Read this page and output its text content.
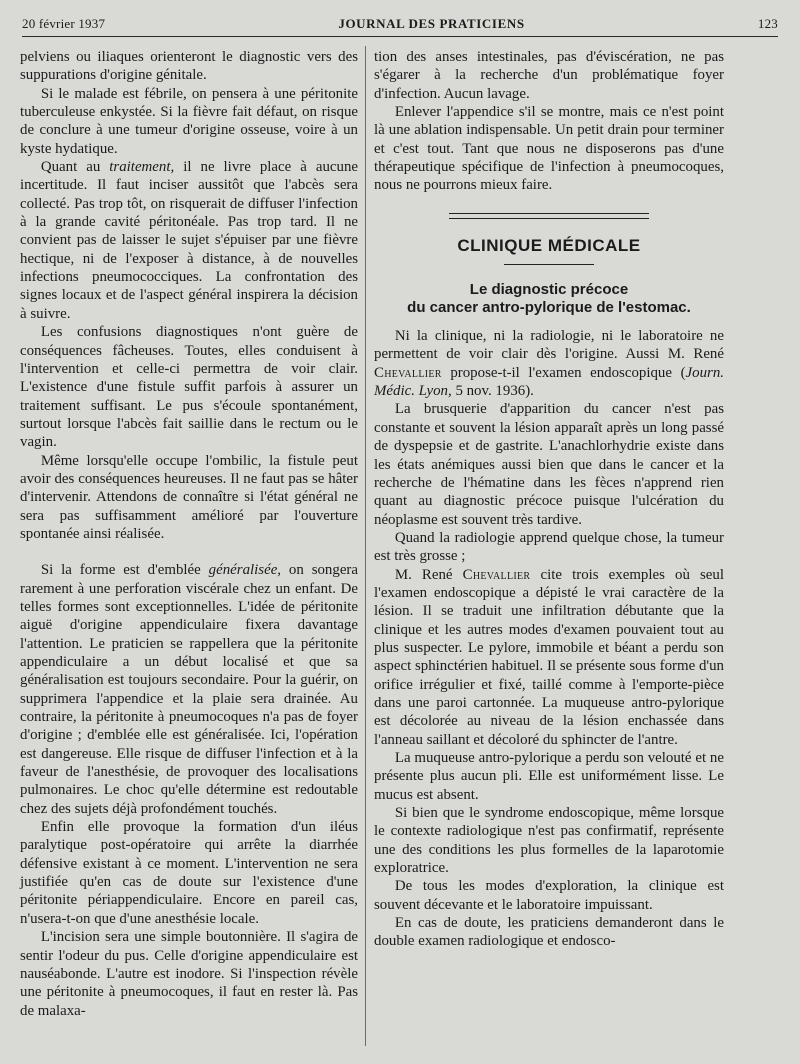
20 février 1937	JOURNAL DES PRATICIENS	123

pelviens ou iliaques orienteront le diagnostic vers des suppurations d'origine génitale.

Si le malade est fébrile, on pensera à une péritonite tuberculeuse enkystée. Si la fièvre fait défaut, on risque de conclure à une tumeur d'origine osseuse, voire à un kyste hydatique.

Quant au traitement, il ne livre place à aucune incertitude. Il faut inciser aussitôt que l'abcès sera collecté. Pas trop tôt, on risquerait de diffuser l'infection à la grande cavité péritonéale. Pas trop tard. Il ne convient pas de laisser le sujet s'épuiser par une fièvre hectique, ni de l'exposer à distance, à de nouvelles infections pneumococciques. La confrontation des signes locaux et de l'aspect général inspirera la décision à suivre.

Les confusions diagnostiques n'ont guère de conséquences fâcheuses. Toutes, elles conduisent à l'intervention et celle-ci permettra de voir clair. L'existence d'une fistule suffit parfois à assurer un traitement suffisant. Le pus s'écoule spontanément, surtout lorsque l'abcès fait saillie dans le rectum ou le vagin.

Même lorsqu'elle occupe l'ombilic, la fistule peut avoir des conséquences heureuses. Il ne faut pas se hâter d'intervenir. Attendons de connaître si l'état général ne sera pas suffisamment amélioré par l'ouverture spontanée ainsi réalisée.

Si la forme est d'emblée généralisée, on songera rarement à une perforation viscérale chez un enfant. De telles formes sont exceptionnelles. L'idée de péritonite aiguë d'origine appendiculaire fixera davantage l'attention. Le praticien se rappellera que la péritonite appendiculaire a un début localisé et que sa généralisation est toujours secondaire. Pour la guérir, on supprimera l'appendice et la plaie sera drainée. Au contraire, la péritonite à pneumocoques n'a pas de foyer d'origine ; d'emblée elle est généralisée. Ici, l'opération est dangereuse. Elle risque de diffuser l'infection et à la faveur de l'anesthésie, de provoquer des localisations pulmonaires. Le choc qu'elle détermine est redoutable chez des sujets déjà profondément touchés.

Enfin elle provoque la formation d'un iléus paralytique post-opératoire qui arrête la diarrhée défensive existant à ce moment. L'intervention ne sera justifiée qu'en cas de doute sur l'existence d'une péritonite périappendiculaire. Encore en pareil cas, n'usera-t-on que d'une anesthésie locale.

L'incision sera une simple boutonnière. Il s'agira de sentir l'odeur du pus. Celle d'origine appendiculaire est nauséabonde. L'autre est inodore. Si l'inspection révèle une péritonite à pneumocoques, il faut en rester là. Pas de malaxa-

tion des anses intestinales, pas d'éviscération, ne pas s'égarer à la recherche d'un problématique foyer d'infection. Aucun lavage.

Enlever l'appendice s'il se montre, mais ce n'est point là une ablation indispensable. Un petit drain pour terminer et c'est tout. Tant que nous ne disposerons pas d'une thérapeutique spécifique de l'infection à pneumocoques, nous ne pourrons mieux faire.

CLINIQUE MÉDICALE
Le diagnostic précoce
du cancer antro-pylorique de l'estomac.

Ni la clinique, ni la radiologie, ni le laboratoire ne permettent de voir clair dès l'origine. Aussi M. René Chevallier propose-t-il l'examen endoscopique (Journ. Médic. Lyon, 5 nov. 1936).

La brusquerie d'apparition du cancer n'est pas constante et souvent la lésion apparaît après un long passé de dyspepsie et de gastrite. L'anachlorhydrie existe dans les états anémiques aussi bien que dans le cancer et la recherche de l'hématine dans les fèces n'apprend rien quant au diagnostic précoce puisque l'ulcération du néoplasme est souvent très tardive.

Quand la radiologie apprend quelque chose, la tumeur est très grosse ;

M. René Chevallier cite trois exemples où seul l'examen endoscopique a dépisté le vrai caractère de la lésion. Il se traduit une infiltration débutante que la clinique et les autres modes d'examen pouvaient tout au plus suspecter. Le pylore, immobile et béant a perdu son aspect sphinctérien habituel. Il se présente sous forme d'un orifice irrégulier et fixé, taillé comme à l'emporte-pièce dans une paroi cartonnée. La muqueuse antro-pylorique est décolorée au niveau de la lésion enchassée dans l'anneau saillant et décoloré du sphincter de l'antre.

La muqueuse antro-pylorique a perdu son velouté et ne présente plus aucun pli. Elle est uniformément lisse. Le mucus est absent.

Si bien que le syndrome endoscopique, même lorsque le contexte radiologique n'est pas confirmatif, représente une des conditions les plus formelles de la laparotomie exploratrice.

De tous les modes d'exploration, la clinique est souvent décevante et le laboratoire impuissant.

En cas de doute, les praticiens demanderont dans le double examen radiologique et endosco-
